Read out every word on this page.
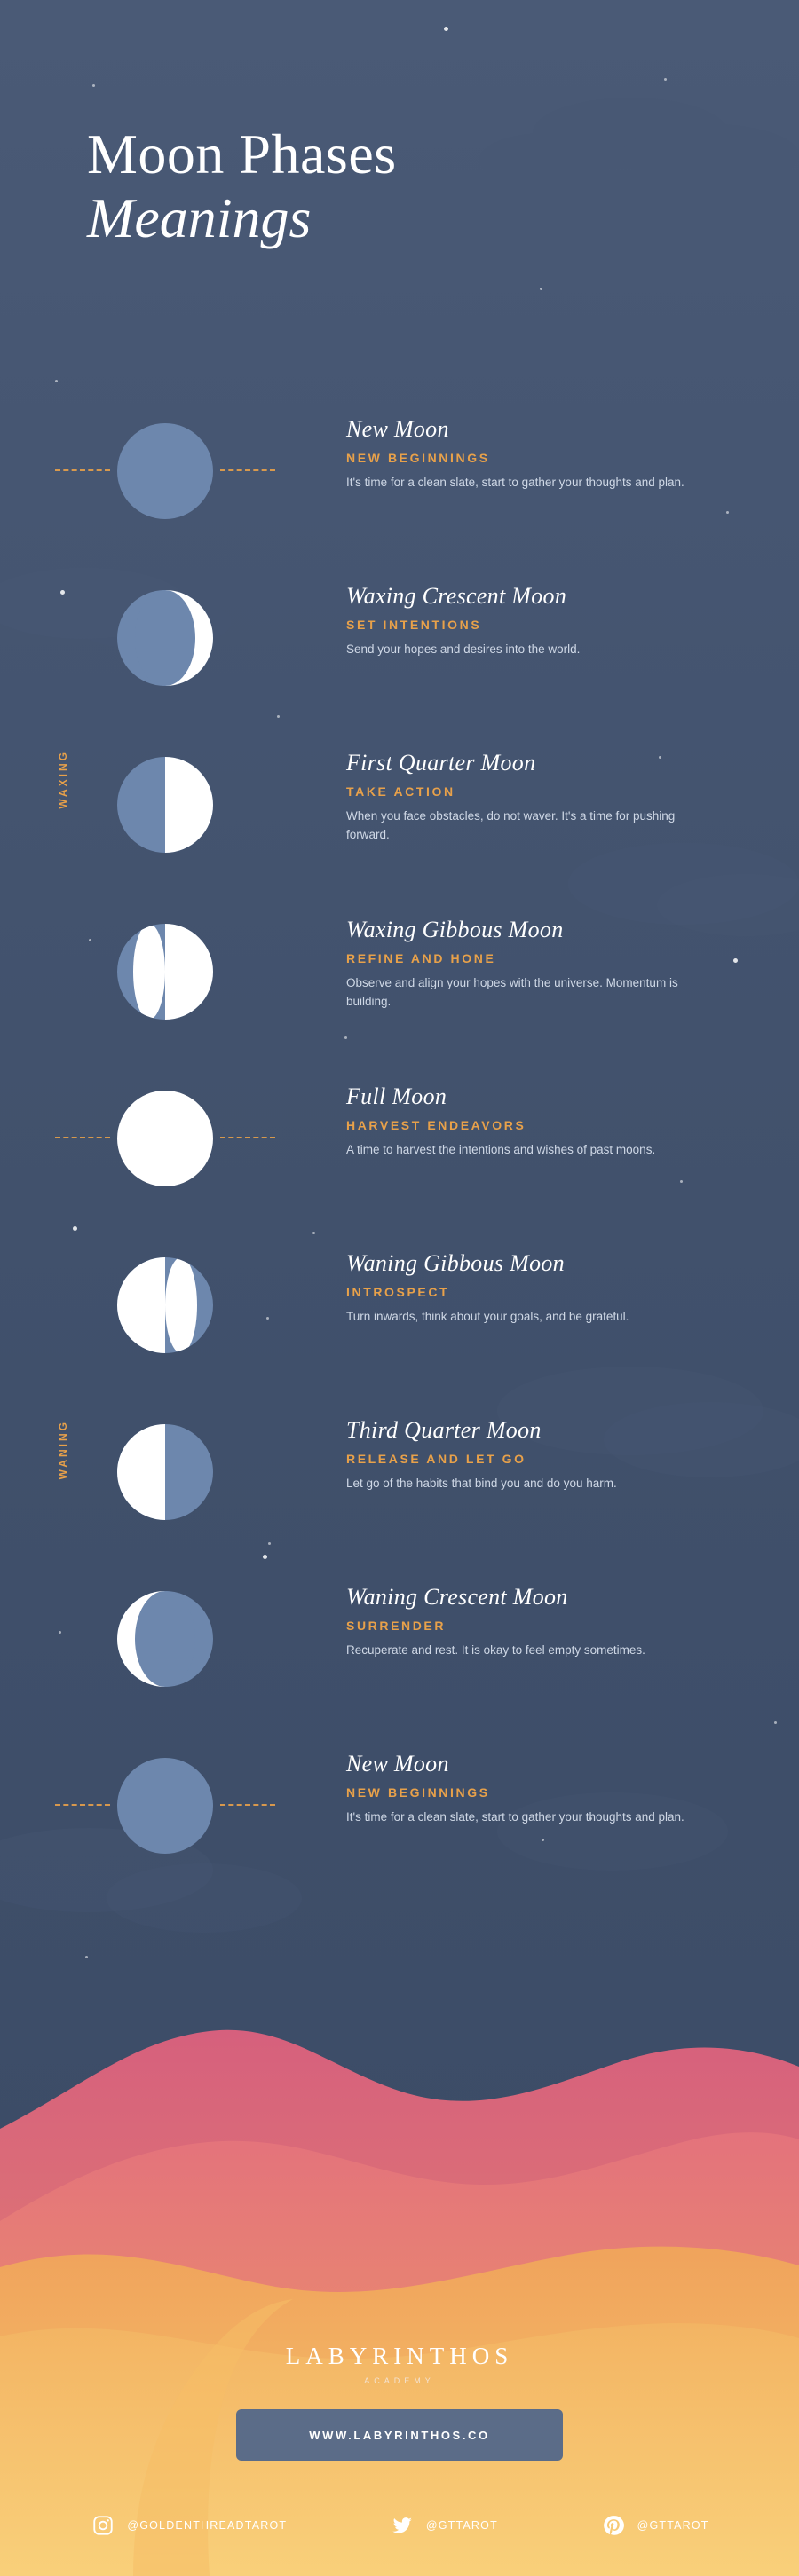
Moon Phases
Meanings
WAXING
WANING
New Moon
NEW BEGINNINGS
It's time for a clean slate, start to gather your thoughts and plan.
Waxing Crescent Moon
SET INTENTIONS
Send your hopes and desires into the world.
First Quarter Moon
TAKE ACTION
When you face obstacles, do not waver. It's a time for pushing forward.
Waxing Gibbous Moon
REFINE AND HONE
Observe and align your hopes with the universe. Momentum is building.
Full Moon
HARVEST ENDEAVORS
A time to harvest the intentions and wishes of past moons.
Waning Gibbous Moon
INTROSPECT
Turn inwards, think about your goals, and be grateful.
Third Quarter Moon
RELEASE AND LET GO
Let go of the habits that bind you and do you harm.
Waning Crescent Moon
SURRENDER
Recuperate and rest. It is okay to feel empty sometimes.
New Moon
NEW BEGINNINGS
It's time for a clean slate, start to gather your thoughts and plan.
LABYRINTHOS
ACADEMY
WWW.LABYRINTHOS.CO
@GOLDENTHREADTAROT	@GTTAROT	@GTTAROT
